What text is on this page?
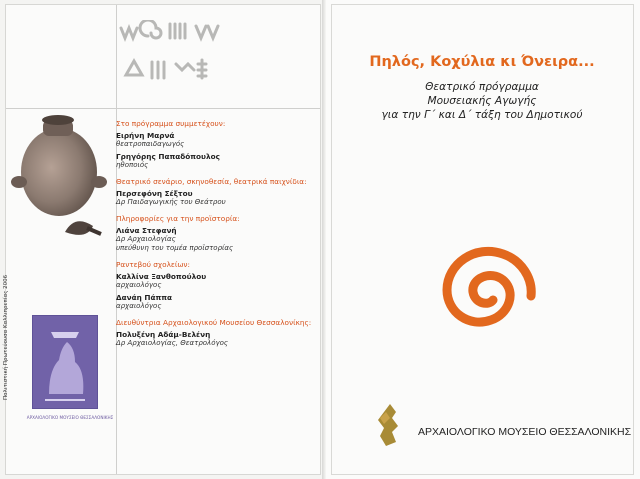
ΑΡΧΑΙΟΛΟΓΙΚΟ ΜΟΥΣΕΙΟ ΘΕΣΣΑΛΟΝΙΚΗΣ
Πολιτιστική Πρωτεύουσα Καλλιπρεπίας 2006
Στο πρόγραμμα συμμετέχουν:
Ειρήνη Μαρνά
θεατροπαιδαγωγός
Γρηγόρης Παπαδόπουλος
ηθοποιός
Θεατρικό σενάριο, σκηνοθεσία, θεατρικά παιχνίδια:
Περσεφόνη Σέξτου
Δρ Παιδαγωγικής του Θεάτρου
Πληροφορίες για την προϊστορία:
Λιάνα Στεφανή
Δρ Αρχαιολογίας
υπεύθυνη του τομέα προϊστορίας
Ραντεβού σχολείων:
Καλλίνα Ξανθοπούλου
αρχαιολόγος
Δανάη Πάππα
αρχαιολόγος
Διευθύντρια Αρχαιολογικού Μουσείου Θεσσαλονίκης:
Πολυξένη Αδάμ-Βελένη
Δρ Αρχαιολογίας, Θεατρολόγος
Πηλός, Κοχύλια κι Όνειρα...
Θεατρικό πρόγραμμα
Μουσειακής Αγωγής
για την Γ΄ και Δ΄ τάξη του Δημοτικού
ΑΡΧΑΙΟΛΟΓΙΚΟ ΜΟΥΣΕΙΟ ΘΕΣΣΑΛΟΝΙΚΗΣ
